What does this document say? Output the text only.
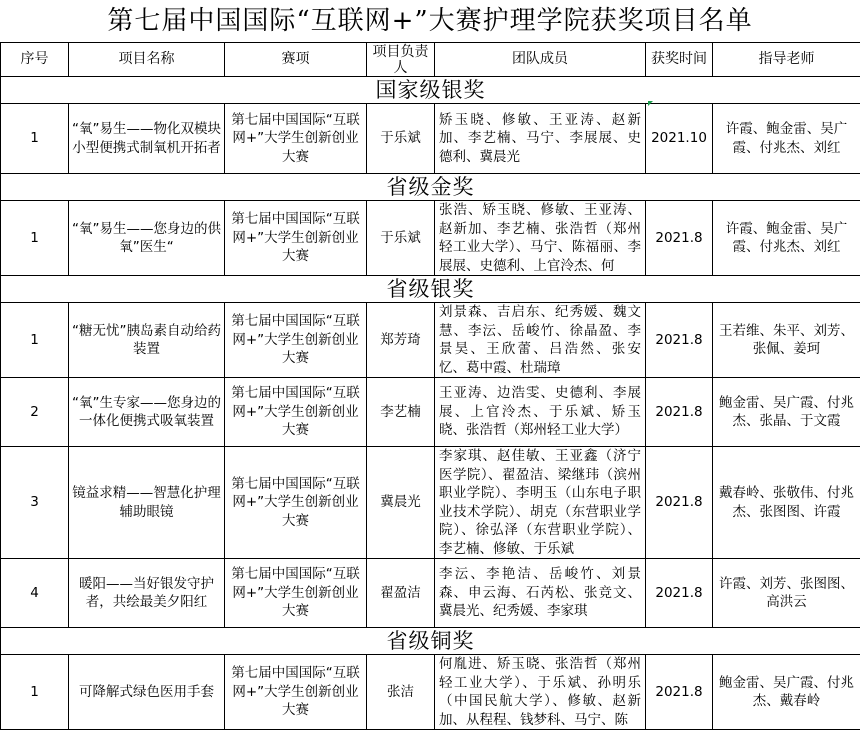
第七届中国国际“互联网+”大赛护理学院获奖项目名单
序号	项目名称	赛项	项目负责人	团队成员	获奖时间	指导老师
国家级银奖						
1	“氧”易生——物化双模块小型便携式制氧机开拓者	第七届中国国际“互联网+”大学生创新创业大赛	于乐斌	矫玉晓、修敏、王亚涛、赵新加、李艺楠、马宁、李展展、史德利、冀晨光	2021.10	许霞、鲍金雷、吴广霞、付兆杰、刘红
省级金奖						
1	“氧”易生——您身边的供氧”医生“	第七届中国国际“互联网+”大学生创新创业大赛	于乐斌	张浩、矫玉晓、修敏、王亚涛、赵新加、李艺楠、张浩哲（郑州轻工业大学）、马宁、陈福丽、李展展、史德利、上官泠杰、何	2021.8	许霞、鲍金雷、吴广霞、付兆杰、刘红
省级银奖						
1	“糖无忧”胰岛素自动给药装置	第七届中国国际“互联网+”大学生创新创业大赛	郑芳琦	刘景森、吉启东、纪秀媛、魏文慧、李沄、岳峻竹、徐晶盈、李景昊、王欣蕾、吕浩然、张安忆、葛中霞、杜瑞璋	2021.8	王若维、朱平、刘芳、张佩、姜珂
2	“氧”生专家——您身边的一体化便携式吸氧装置	第七届中国国际“互联网+”大学生创新创业大赛	李艺楠	王亚涛、边浩雯、史德利、李展展、上官泠杰、于乐斌、矫玉晓、张浩哲（郑州轻工业大学）	2021.8	鲍金雷、吴广霞、付兆杰、张晶、于文霞
3	镜益求精——智慧化护理辅助眼镜	第七届中国国际“互联网+”大学生创新创业大赛	冀晨光	李家琪、赵佳敏、王亚鑫（济宁医学院）、翟盈洁、梁继玮（滨州职业学院）、李明玉（山东电子职业技术学院）、胡克（东营职业学院）、徐弘泽（东营职业学院）、李艺楠、修敏、于乐斌	2021.8	戴春岭、张敬伟、付兆杰、张图图、许霞
4	暖阳——当好银发守护者，共绘最美夕阳红	第七届中国国际“互联网+”大学生创新创业大赛	翟盈洁	李沄、李艳洁、岳峻竹、刘景森、申云海、石芮松、张竞文、冀晨光、纪秀媛、李家琪	2021.8	许霞、刘芳、张图图、高洪云
省级铜奖						
1	可降解式绿色医用手套	第七届中国国际“互联网+”大学生创新创业大赛	张洁	何胤进、矫玉晓、张浩哲（郑州轻工业大学）、于乐斌、孙明乐（中国民航大学）、修敏、赵新加、从程程、钱梦科、马宁、陈	2021.8	鲍金雷、吴广霞、付兆杰、戴春岭
